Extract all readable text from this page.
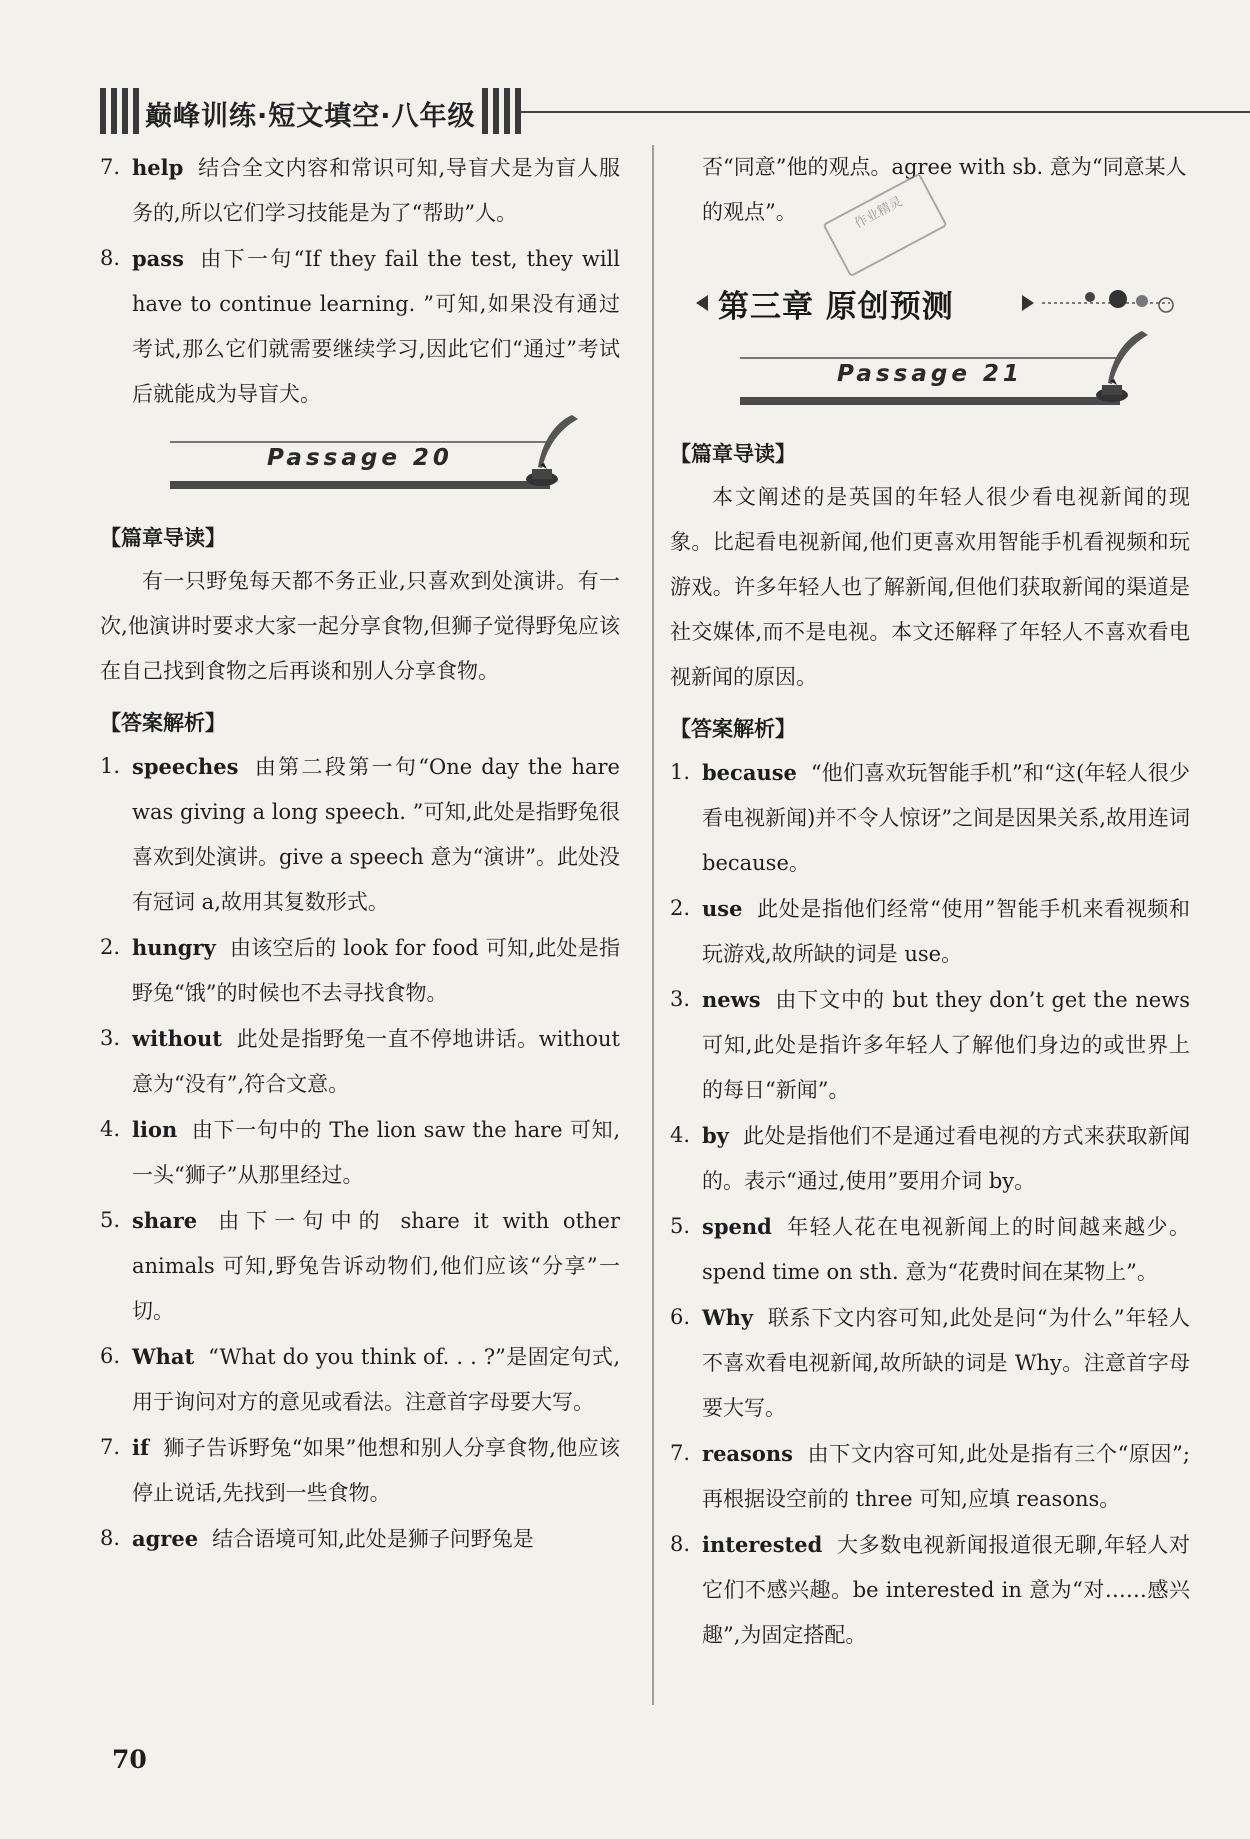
巅峰训练·短文填空·八年级
7. help 结合全文内容和常识可知,导盲犬是为盲人服务的,所以它们学习技能是为了“帮助”人。
8. pass 由下一句“If they fail the test, they will have to continue learning. ”可知,如果没有通过考试,那么它们就需要继续学习,因此它们“通过”考试后就能成为导盲犬。
Passage 20
【篇章导读】
有一只野兔每天都不务正业,只喜欢到处演讲。有一次,他演讲时要求大家一起分享食物,但狮子觉得野兔应该在自己找到食物之后再谈和别人分享食物。
【答案解析】
1. speeches 由第二段第一句“One day the hare was giving a long speech. ”可知,此处是指野兔很喜欢到处演讲。give a speech 意为“演讲”。此处没有冠词 a,故用其复数形式。
2. hungry 由该空后的 look for food 可知,此处是指野兔“饿”的时候也不去寻找食物。
3. without 此处是指野兔一直不停地讲话。without 意为“没有”,符合文意。
4. lion 由下一句中的 The lion saw the hare 可知,一头“狮子”从那里经过。
5. share 由下一句中的 share it with other animals 可知,野兔告诉动物们,他们应该“分享”一切。
6. What “What do you think of. . . ?”是固定句式,用于询问对方的意见或看法。注意首字母要大写。
7. if 狮子告诉野兔“如果”他想和别人分享食物,他应该停止说话,先找到一些食物。
8. agree 结合语境可知,此处是狮子问野兔是
否“同意”他的观点。agree with sb. 意为“同意某人的观点”。
第三章 原创预测
Passage 21
【篇章导读】
本文阐述的是英国的年轻人很少看电视新闻的现象。比起看电视新闻,他们更喜欢用智能手机看视频和玩游戏。许多年轻人也了解新闻,但他们获取新闻的渠道是社交媒体,而不是电视。本文还解释了年轻人不喜欢看电视新闻的原因。
【答案解析】
1. because “他们喜欢玩智能手机”和“这(年轻人很少看电视新闻)并不令人惊讶”之间是因果关系,故用连词 because。
2. use 此处是指他们经常“使用”智能手机来看视频和玩游戏,故所缺的词是 use。
3. news 由下文中的 but they don’t get the news 可知,此处是指许多年轻人了解他们身边的或世界上的每日“新闻”。
4. by 此处是指他们不是通过看电视的方式来获取新闻的。表示“通过,使用”要用介词 by。
5. spend 年轻人花在电视新闻上的时间越来越少。spend time on sth. 意为“花费时间在某物上”。
6. Why 联系下文内容可知,此处是问“为什么”年轻人不喜欢看电视新闻,故所缺的词是 Why。注意首字母要大写。
7. reasons 由下文内容可知,此处是指有三个“原因”;再根据设空前的 three 可知,应填 reasons。
8. interested 大多数电视新闻报道很无聊,年轻人对它们不感兴趣。be interested in 意为“对……感兴趣”,为固定搭配。
作业精灵
70
